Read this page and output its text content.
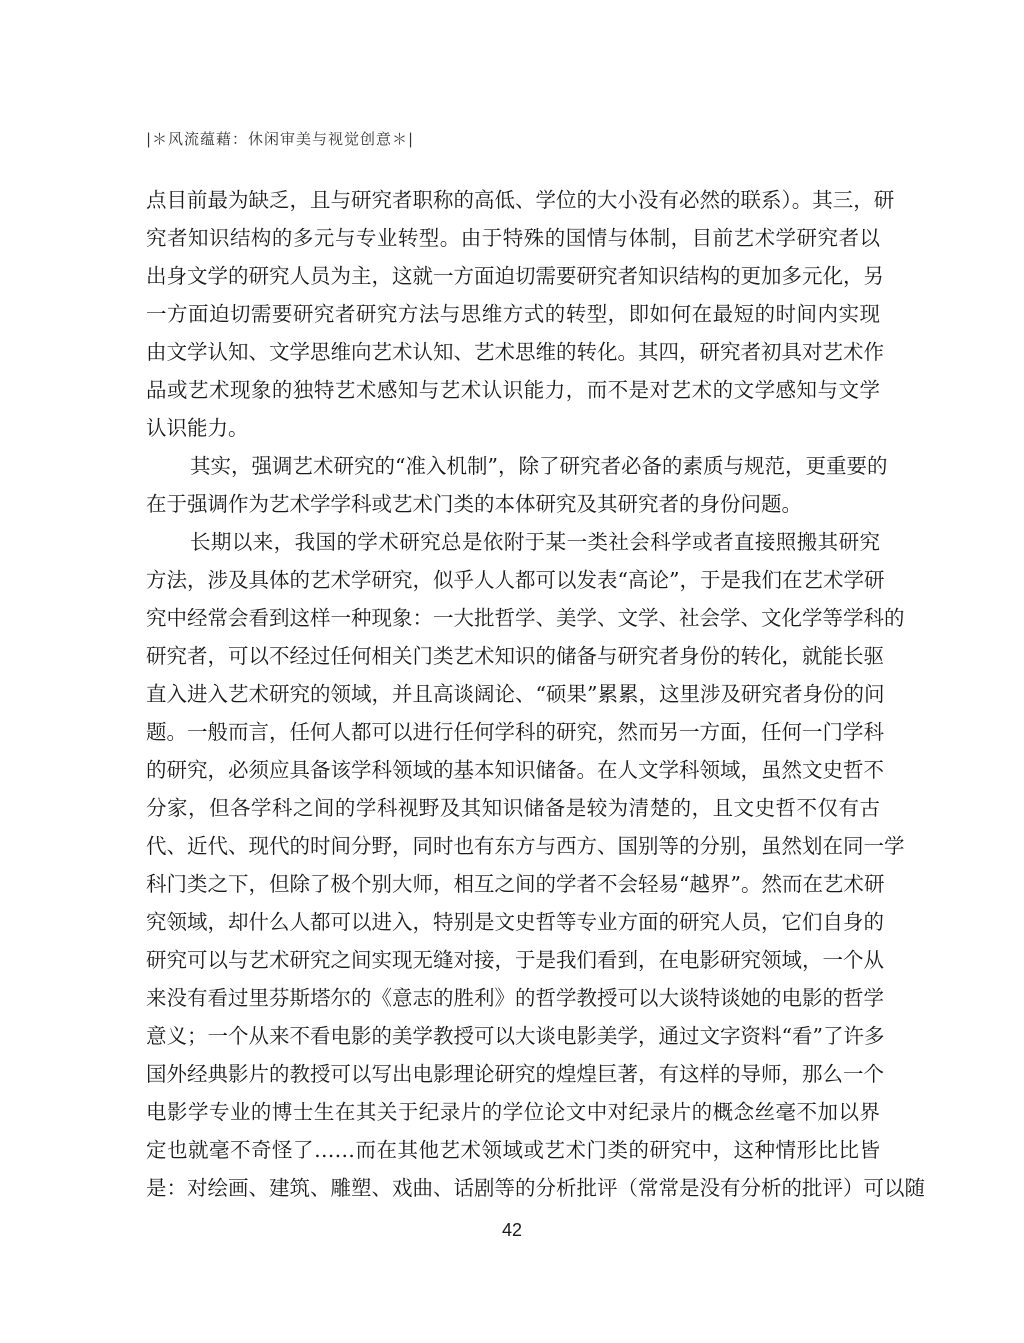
|＊风流蕴藉：休闲审美与视觉创意＊|
点目前最为缺乏，且与研究者职称的高低、学位的大小没有必然的联系）。其三，研
究者知识结构的多元与专业转型。由于特殊的国情与体制，目前艺术学研究者以
出身文学的研究人员为主，这就一方面迫切需要研究者知识结构的更加多元化，另
一方面迫切需要研究者研究方法与思维方式的转型，即如何在最短的时间内实现
由文学认知、文学思维向艺术认知、艺术思维的转化。其四，研究者初具对艺术作
品或艺术现象的独特艺术感知与艺术认识能力，而不是对艺术的文学感知与文学
认识能力。
其实，强调艺术研究的“准入机制”，除了研究者必备的素质与规范，更重要的
在于强调作为艺术学学科或艺术门类的本体研究及其研究者的身份问题。
长期以来，我国的学术研究总是依附于某一类社会科学或者直接照搬其研究
方法，涉及具体的艺术学研究，似乎人人都可以发表“高论”，于是我们在艺术学研
究中经常会看到这样一种现象：一大批哲学、美学、文学、社会学、文化学等学科的
研究者，可以不经过任何相关门类艺术知识的储备与研究者身份的转化，就能长驱
直入进入艺术研究的领域，并且高谈阔论、“硕果”累累，这里涉及研究者身份的问
题。一般而言，任何人都可以进行任何学科的研究，然而另一方面，任何一门学科
的研究，必须应具备该学科领域的基本知识储备。在人文学科领域，虽然文史哲不
分家，但各学科之间的学科视野及其知识储备是较为清楚的，且文史哲不仅有古
代、近代、现代的时间分野，同时也有东方与西方、国别等的分别，虽然划在同一学
科门类之下，但除了极个别大师，相互之间的学者不会轻易“越界”。然而在艺术研
究领域，却什么人都可以进入，特别是文史哲等专业方面的研究人员，它们自身的
研究可以与艺术研究之间实现无缝对接，于是我们看到，在电影研究领域，一个从
来没有看过里芬斯塔尔的《意志的胜利》的哲学教授可以大谈特谈她的电影的哲学
意义；一个从来不看电影的美学教授可以大谈电影美学，通过文字资料“看”了许多
国外经典影片的教授可以写出电影理论研究的煌煌巨著，有这样的导师，那么一个
电影学专业的博士生在其关于纪录片的学位论文中对纪录片的概念丝毫不加以界
定也就毫不奇怪了……而在其他艺术领域或艺术门类的研究中，这种情形比比皆
是：对绘画、建筑、雕塑、戏曲、话剧等的分析批评（常常是没有分析的批评）可以随
42
